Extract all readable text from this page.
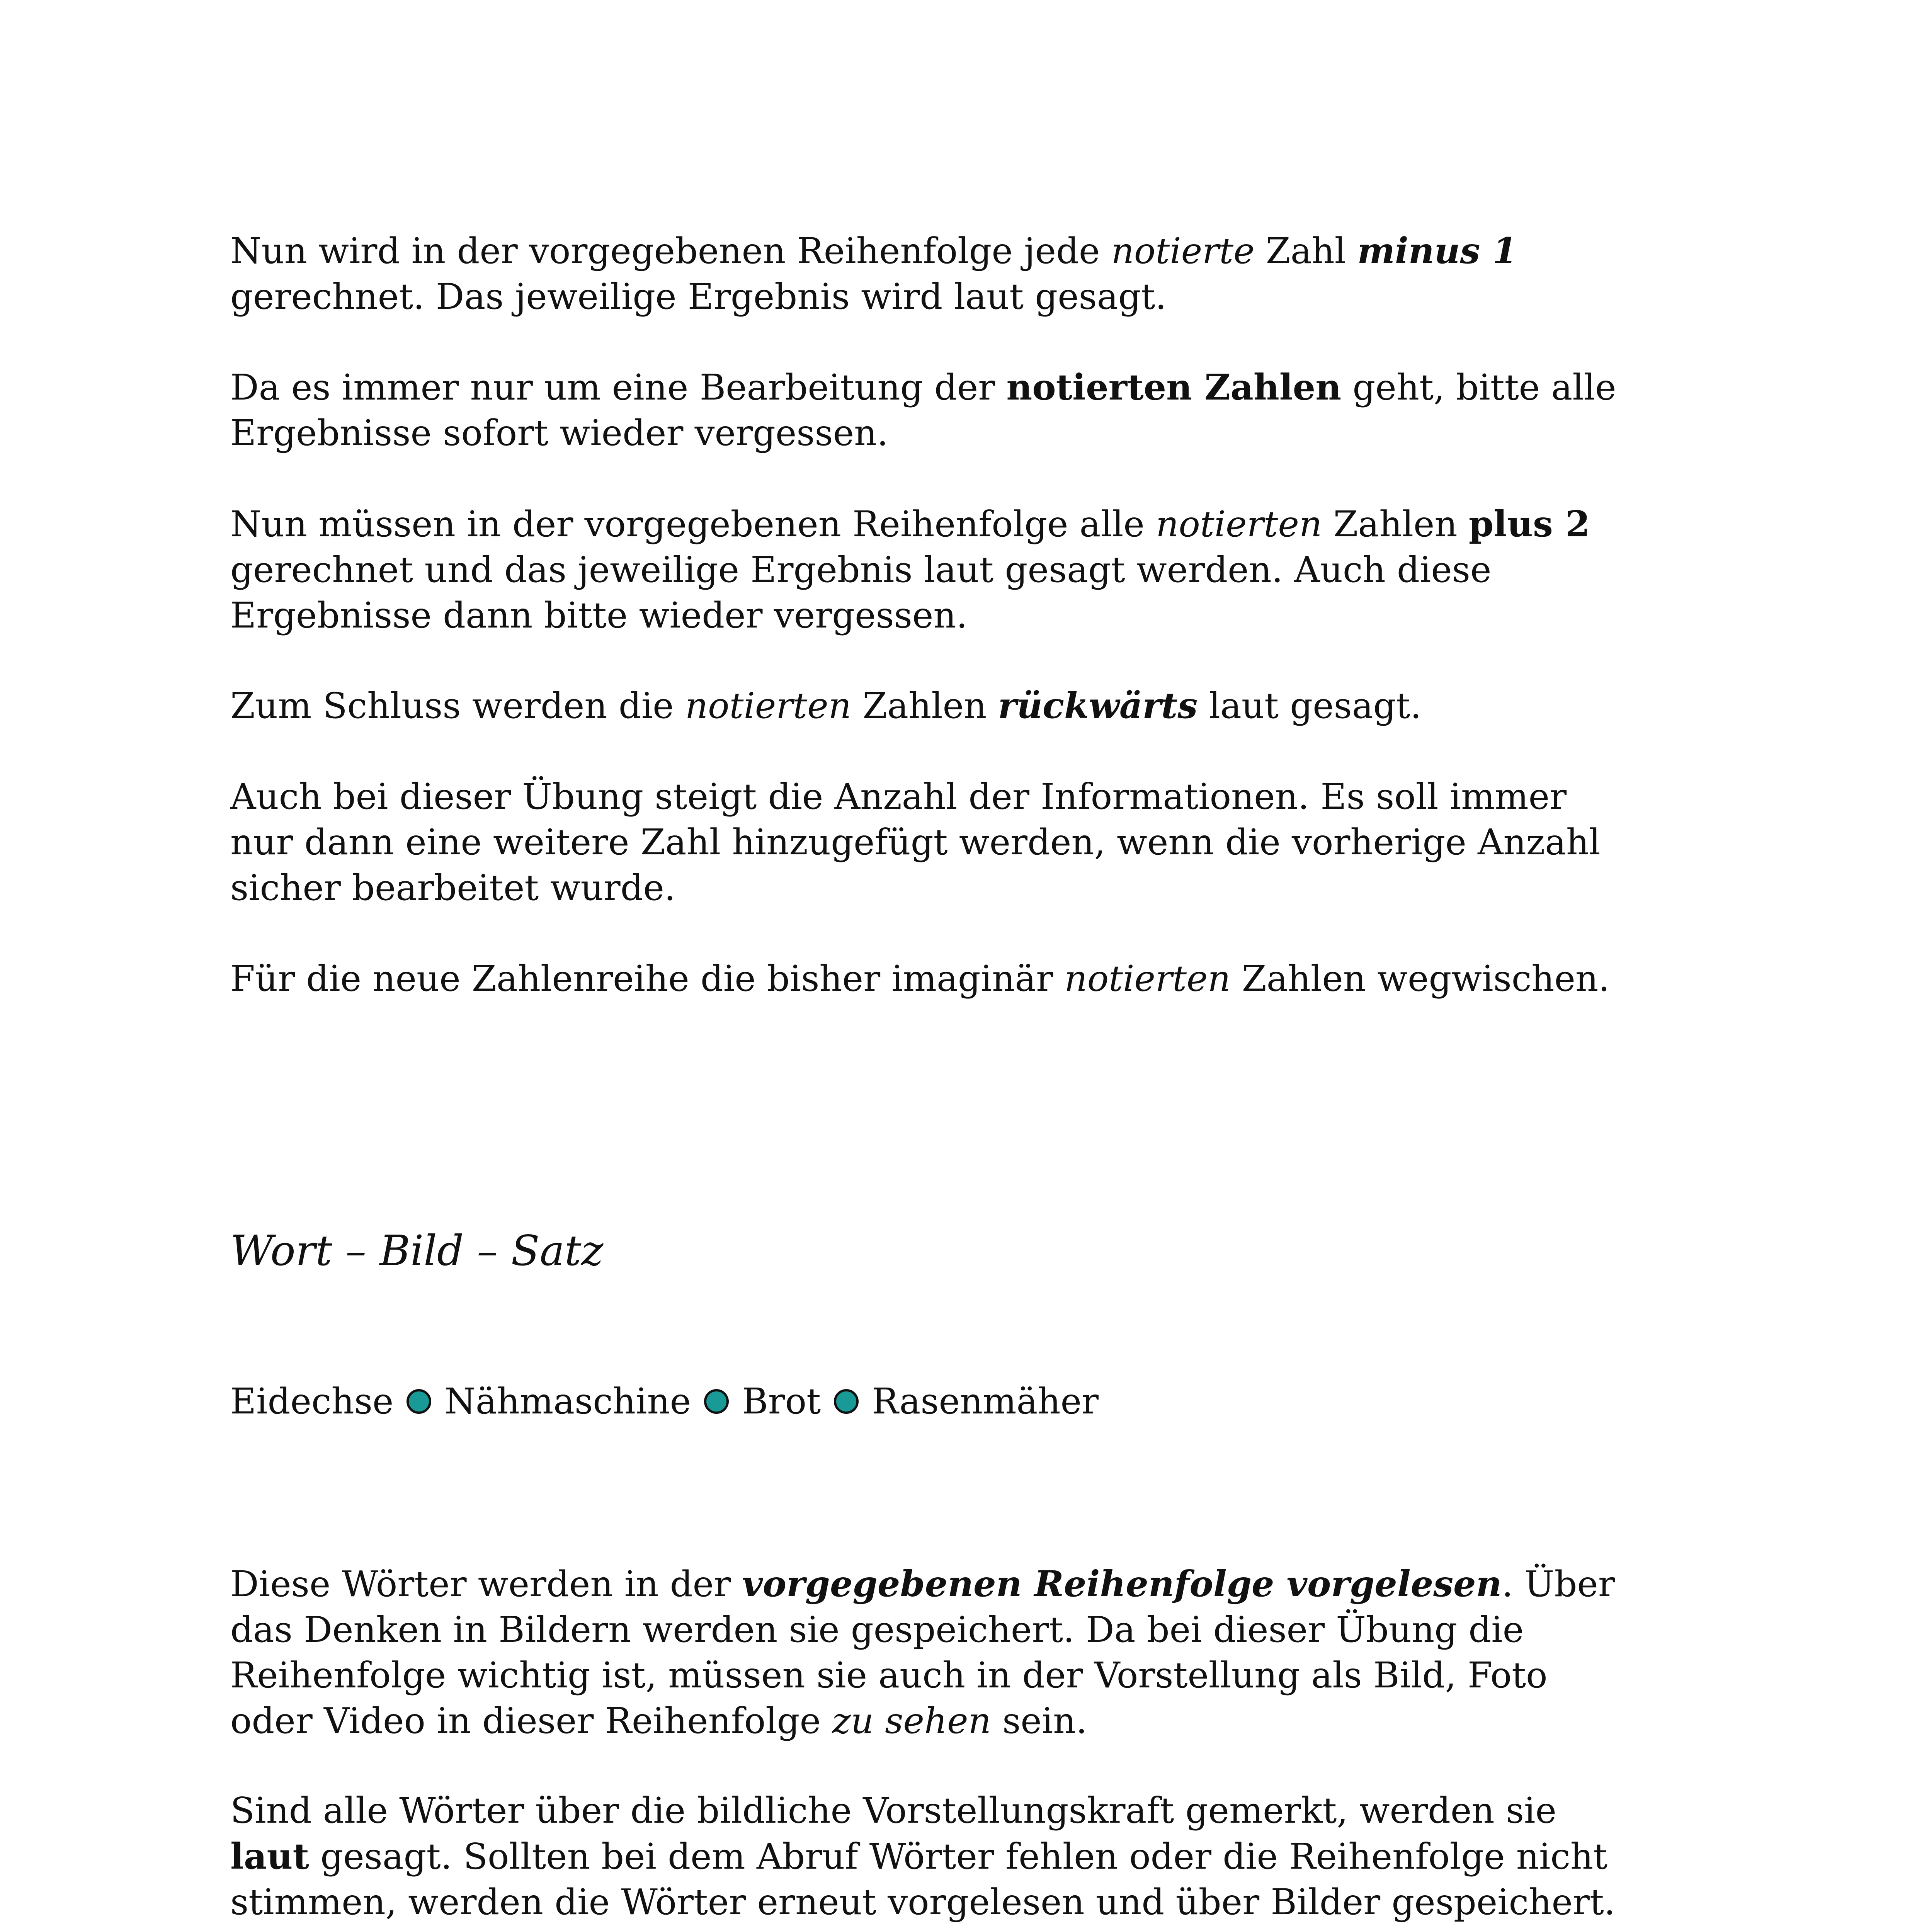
Nun wird in der vorgegebenen Reihenfolge jede notierte Zahl minus 1
gerechnet. Das jeweilige Ergebnis wird laut gesagt.

Da es immer nur um eine Bearbeitung der notierten Zahlen geht, bitte alle
Ergebnisse sofort wieder vergessen.

Nun müssen in der vorgegebenen Reihenfolge alle notierten Zahlen plus 2
gerechnet und das jeweilige Ergebnis laut gesagt werden. Auch diese
Ergebnisse dann bitte wieder vergessen.

Zum Schluss werden die notierten Zahlen rückwärts laut gesagt.

Auch bei dieser Übung steigt die Anzahl der Informationen. Es soll immer
nur dann eine weitere Zahl hinzugefügt werden, wenn die vorherige Anzahl
sicher bearbeitet wurde.

Für die neue Zahlenreihe die bisher imaginär notierten Zahlen wegwischen.

Wort – Bild – Satz
Eidechse Nähmaschine Brot Rasenmäher

Diese Wörter werden in der vorgegebenen Reihenfolge vorgelesen. Über
das Denken in Bildern werden sie gespeichert. Da bei dieser Übung die
Reihenfolge wichtig ist, müssen sie auch in der Vorstellung als Bild, Foto
oder Video in dieser Reihenfolge zu sehen sein.

Sind alle Wörter über die bildliche Vorstellungskraft gemerkt, werden sie
laut gesagt. Sollten bei dem Abruf Wörter fehlen oder die Reihenfolge nicht
stimmen, werden die Wörter erneut vorgelesen und über Bilder gespeichert.
